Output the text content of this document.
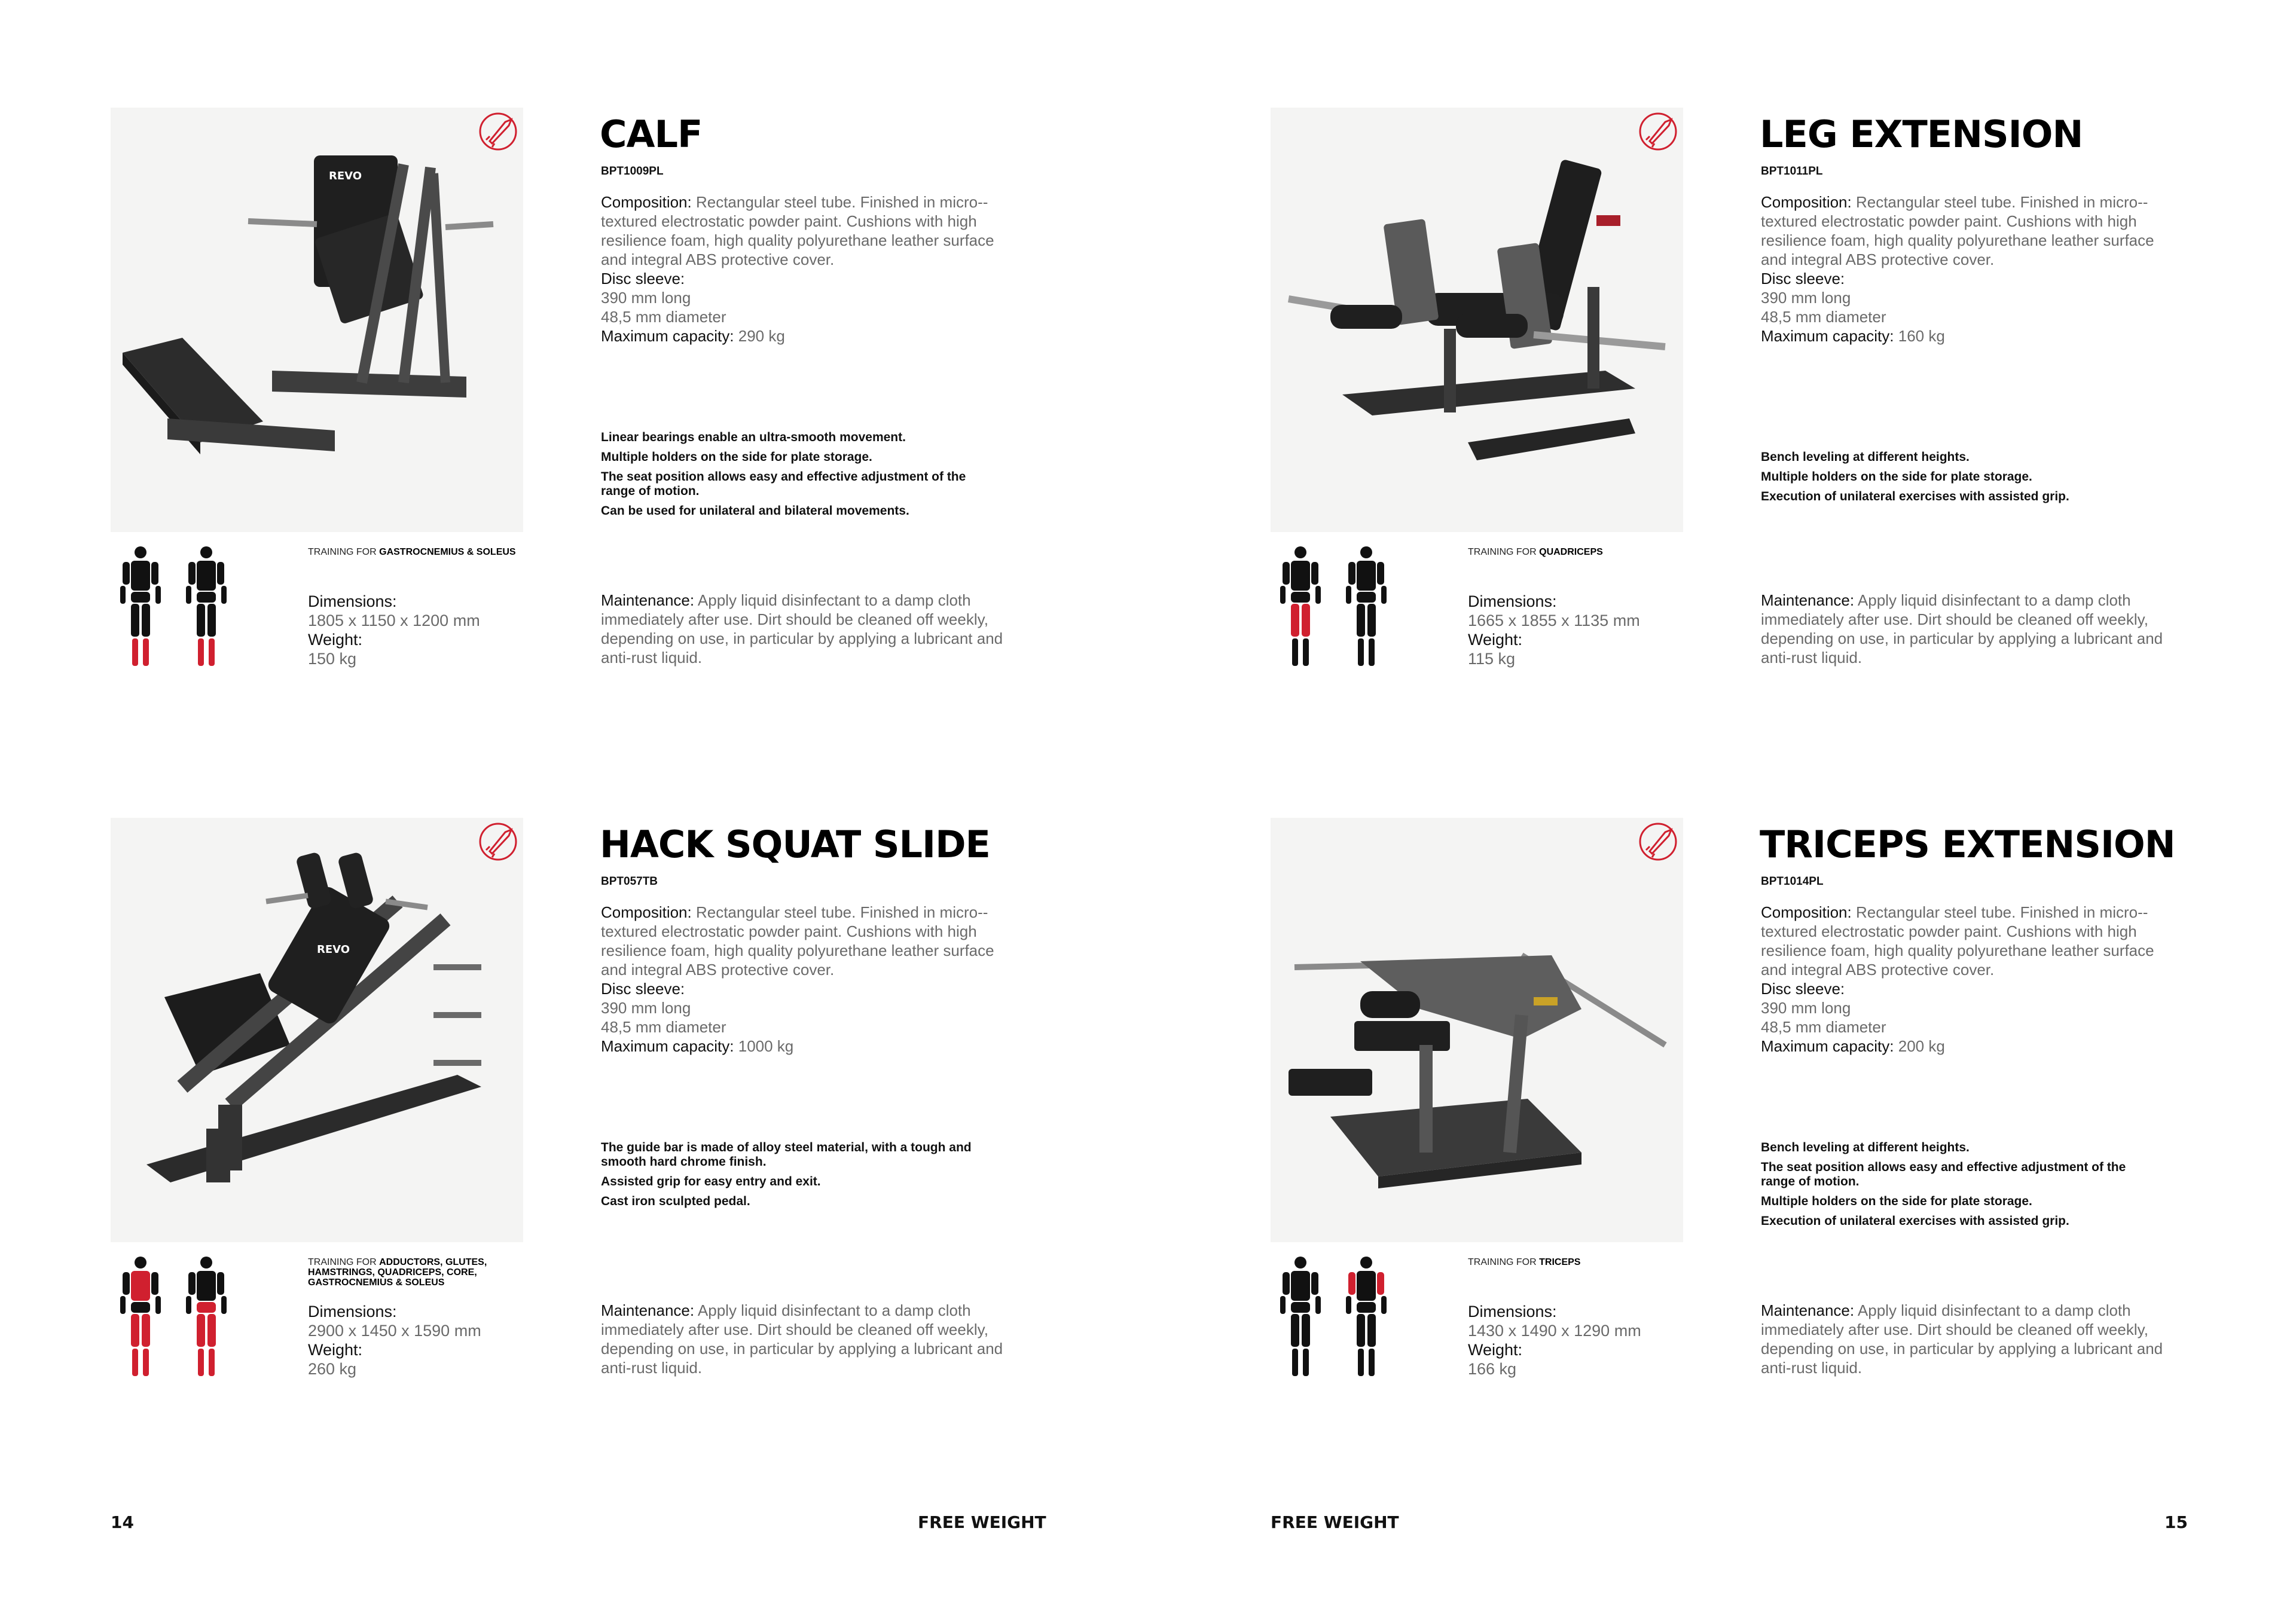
REVO
CALF
BPT1009PL
Composition: Rectangular steel tube. Finished in micro--textured electrostatic powder paint. Cushions with high resilience foam, high quality polyurethane leather surface and integral ABS protective cover.
Disc sleeve:
390 mm long
48,5 mm diameter
Maximum capacity: 290 kg
Linear bearings enable an ultra-smooth movement.
Multiple holders on the side for plate storage.
The seat position allows easy and effective adjustment of the range of motion.
Can be used for unilateral and bilateral movements.
TRAINING FOR GASTROCNEMIUS & SOLEUS
Dimensions:
1805 x 1150 x 1200 mm
Weight:
150 kg
Maintenance: Apply liquid disinfectant to a damp cloth immediately after use. Dirt should be cleaned off weekly, depending on use, in particular by applying a lubricant and anti-rust liquid.
LEG EXTENSION
BPT1011PL
Composition: Rectangular steel tube. Finished in micro--textured electrostatic powder paint. Cushions with high resilience foam, high quality polyurethane leather surface and integral ABS protective cover.
Disc sleeve:
390 mm long
48,5 mm diameter
Maximum capacity: 160 kg
Bench leveling at different heights.
Multiple holders on the side for plate storage.
Execution of unilateral exercises with assisted grip.
TRAINING FOR QUADRICEPS
Dimensions:
1665 x 1855 x 1135 mm
Weight:
115 kg
Maintenance: Apply liquid disinfectant to a damp cloth immediately after use. Dirt should be cleaned off weekly, depending on use, in particular by applying a lubricant and anti-rust liquid.
REVO
HACK SQUAT SLIDE
BPT057TB
Composition: Rectangular steel tube. Finished in micro--textured electrostatic powder paint. Cushions with high resilience foam, high quality polyurethane leather surface and integral ABS protective cover.
Disc sleeve:
390 mm long
48,5 mm diameter
Maximum capacity: 1000 kg
The guide bar is made of alloy steel material, with a tough and smooth hard chrome finish.
Assisted grip for easy entry and exit.
Cast iron sculpted pedal.
TRAINING FOR ADDUCTORS, GLUTES, HAMSTRINGS, QUADRICEPS, CORE, GASTROCNEMIUS & SOLEUS
Dimensions:
2900 x 1450 x 1590 mm
Weight:
260 kg
Maintenance: Apply liquid disinfectant to a damp cloth immediately after use. Dirt should be cleaned off weekly, depending on use, in particular by applying a lubricant and anti-rust liquid.
TRICEPS EXTENSION
BPT1014PL
Composition: Rectangular steel tube. Finished in micro--textured electrostatic powder paint. Cushions with high resilience foam, high quality polyurethane leather surface and integral ABS protective cover.
Disc sleeve:
390 mm long
48,5 mm diameter
Maximum capacity: 200 kg
Bench leveling at different heights.
The seat position allows easy and effective adjustment of the range of motion.
Multiple holders on the side for plate storage.
Execution of unilateral exercises with assisted grip.
TRAINING FOR TRICEPS
Dimensions:
1430 x 1490 x 1290 mm
Weight:
166 kg
Maintenance: Apply liquid disinfectant to a damp cloth immediately after use. Dirt should be cleaned off weekly, depending on use, in particular by applying a lubricant and anti-rust liquid.
14	FREE WEIGHT	FREE WEIGHT	15
